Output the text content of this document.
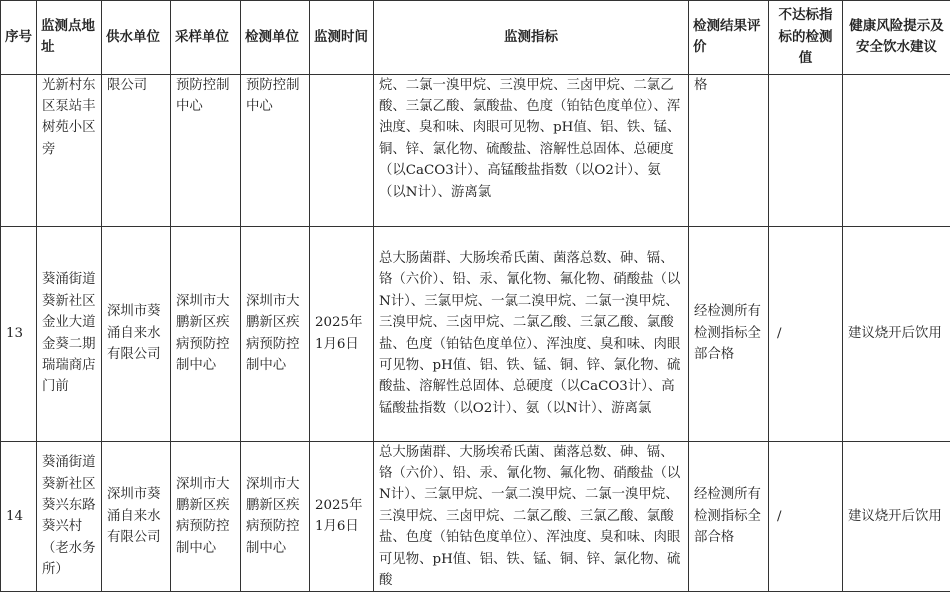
序号	监测点地址	供水单位	采样单位	检测单位	监测时间	监测指标	检测结果评价	不达标指标的检测值	健康风险提示及安全饮水建议

	光新村东区泵站丰树苑小区旁	限公司	预防控制中心	预防控制中心		烷、二氯一溴甲烷、三溴甲烷、三卤甲烷、二氯乙酸、三氯乙酸、氯酸盐、色度（铂钴色度单位）、浑浊度、臭和味、肉眼可见物、pH值、铝、铁、锰、铜、锌、氯化物、硫酸盐、溶解性总固体、总硬度（以CaCO3计）、高锰酸盐指数（以O2计）、氨（以N计）、游离氯	格		

13	葵涌街道葵新社区金业大道金葵二期瑞瑞商店门前	深圳市葵涌自来水有限公司	深圳市大鹏新区疾病预防控制中心	深圳市大鹏新区疾病预防控制中心	2025年1月6日	总大肠菌群、大肠埃希氏菌、菌落总数、砷、镉、铬（六价）、铅、汞、氰化物、氟化物、硝酸盐（以N计）、三氯甲烷、一氯二溴甲烷、二氯一溴甲烷、三溴甲烷、三卤甲烷、二氯乙酸、三氯乙酸、氯酸盐、色度（铂钴色度单位）、浑浊度、臭和味、肉眼可见物、pH值、铝、铁、锰、铜、锌、氯化物、硫酸盐、溶解性总固体、总硬度（以CaCO3计）、高锰酸盐指数（以O2计）、氨（以N计）、游离氯	经检测所有检测指标全部合格	/	建议烧开后饮用

14	葵涌街道葵新社区葵兴东路葵兴村（老水务所）	深圳市葵涌自来水有限公司	深圳市大鹏新区疾病预防控制中心	深圳市大鹏新区疾病预防控制中心	2025年1月6日	总大肠菌群、大肠埃希氏菌、菌落总数、砷、镉、铬（六价）、铅、汞、氰化物、氟化物、硝酸盐（以N计）、三氯甲烷、一氯二溴甲烷、二氯一溴甲烷、三溴甲烷、三卤甲烷、二氯乙酸、三氯乙酸、氯酸盐、色度（铂钴色度单位）、浑浊度、臭和味、肉眼可见物、pH值、铝、铁、锰、铜、锌、氯化物、硫酸	经检测所有检测指标全部合格	/	建议烧开后饮用
